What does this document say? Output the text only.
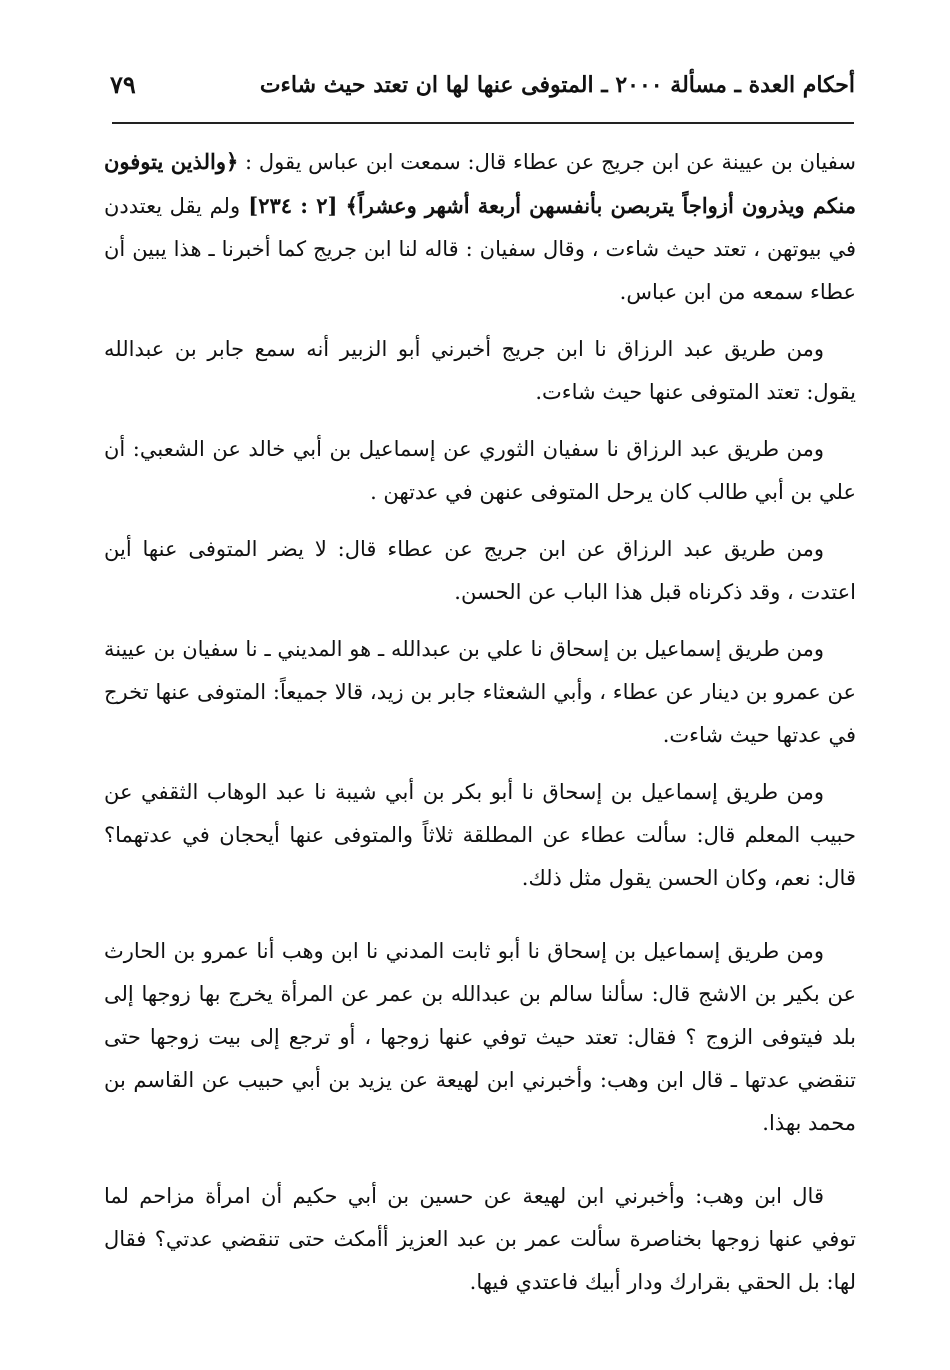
أحكام العدة ـ مسألة ٢٠٠٠ ـ المتوفى عنها لها ان تعتد حيث شاءت
٧٩

سفيان بن عيينة عن ابن جريج عن عطاء قال: سمعت ابن عباس يقول : ﴿والذين يتوفون منكم ويذرون أزواجاً يتربصن بأنفسهن أربعة أشهر وعشراً﴾ [٢ : ٢٣٤] ولم يقل يعتددن في بيوتهن ، تعتد حيث شاءت ، وقال سفيان : قاله لنا ابن جريج كما أخبرنا ـ هذا يبين أن عطاء سمعه من ابن عباس.

ومن طريق عبد الرزاق نا ابن جريج أخبرني أبو الزبير أنه سمع جابر بن عبدالله يقول: تعتد المتوفى عنها حيث شاءت.

ومن طريق عبد الرزاق نا سفيان الثوري عن إسماعيل بن أبي خالد عن الشعبي: أن علي بن أبي طالب كان يرحل المتوفى عنهن في عدتهن .

ومن طريق عبد الرزاق عن ابن جريج عن عطاء قال: لا يضر المتوفى عنها أين اعتدت ، وقد ذكرناه قبل هذا الباب عن الحسن.

ومن طريق إسماعيل بن إسحاق نا علي بن عبدالله ـ هو المديني ـ نا سفيان بن عيينة عن عمرو بن دينار عن عطاء ، وأبي الشعثاء جابر بن زيد، قالا جميعاً: المتوفى عنها تخرج في عدتها حيث شاءت.

ومن طريق إسماعيل بن إسحاق نا أبو بكر بن أبي شيبة نا عبد الوهاب الثقفي عن حبيب المعلم قال: سألت عطاء عن المطلقة ثلاثاً والمتوفى عنها أيحجان في عدتهما؟ قال: نعم، وكان الحسن يقول مثل ذلك.

ومن طريق إسماعيل بن إسحاق نا أبو ثابت المدني نا ابن وهب أنا عمرو بن الحارث عن بكير بن الاشج قال: سألنا سالم بن عبدالله بن عمر عن المرأة يخرج بها زوجها إلى بلد فيتوفى الزوج ؟ فقال: تعتد حيث توفي عنها زوجها ، أو ترجع إلى بيت زوجها حتى تنقضي عدتها ـ قال ابن وهب: وأخبرني ابن لهيعة عن يزيد بن أبي حبيب عن القاسم بن محمد بهذا.

قال ابن وهب: وأخبرني ابن لهيعة عن حسين بن أبي حكيم أن امرأة مزاحم لما توفي عنها زوجها بخناصرة سألت عمر بن عبد العزيز أأمكث حتى تنقضي عدتي؟ فقال لها: بل الحقي بقرارك ودار أبيك فاعتدي فيها.
